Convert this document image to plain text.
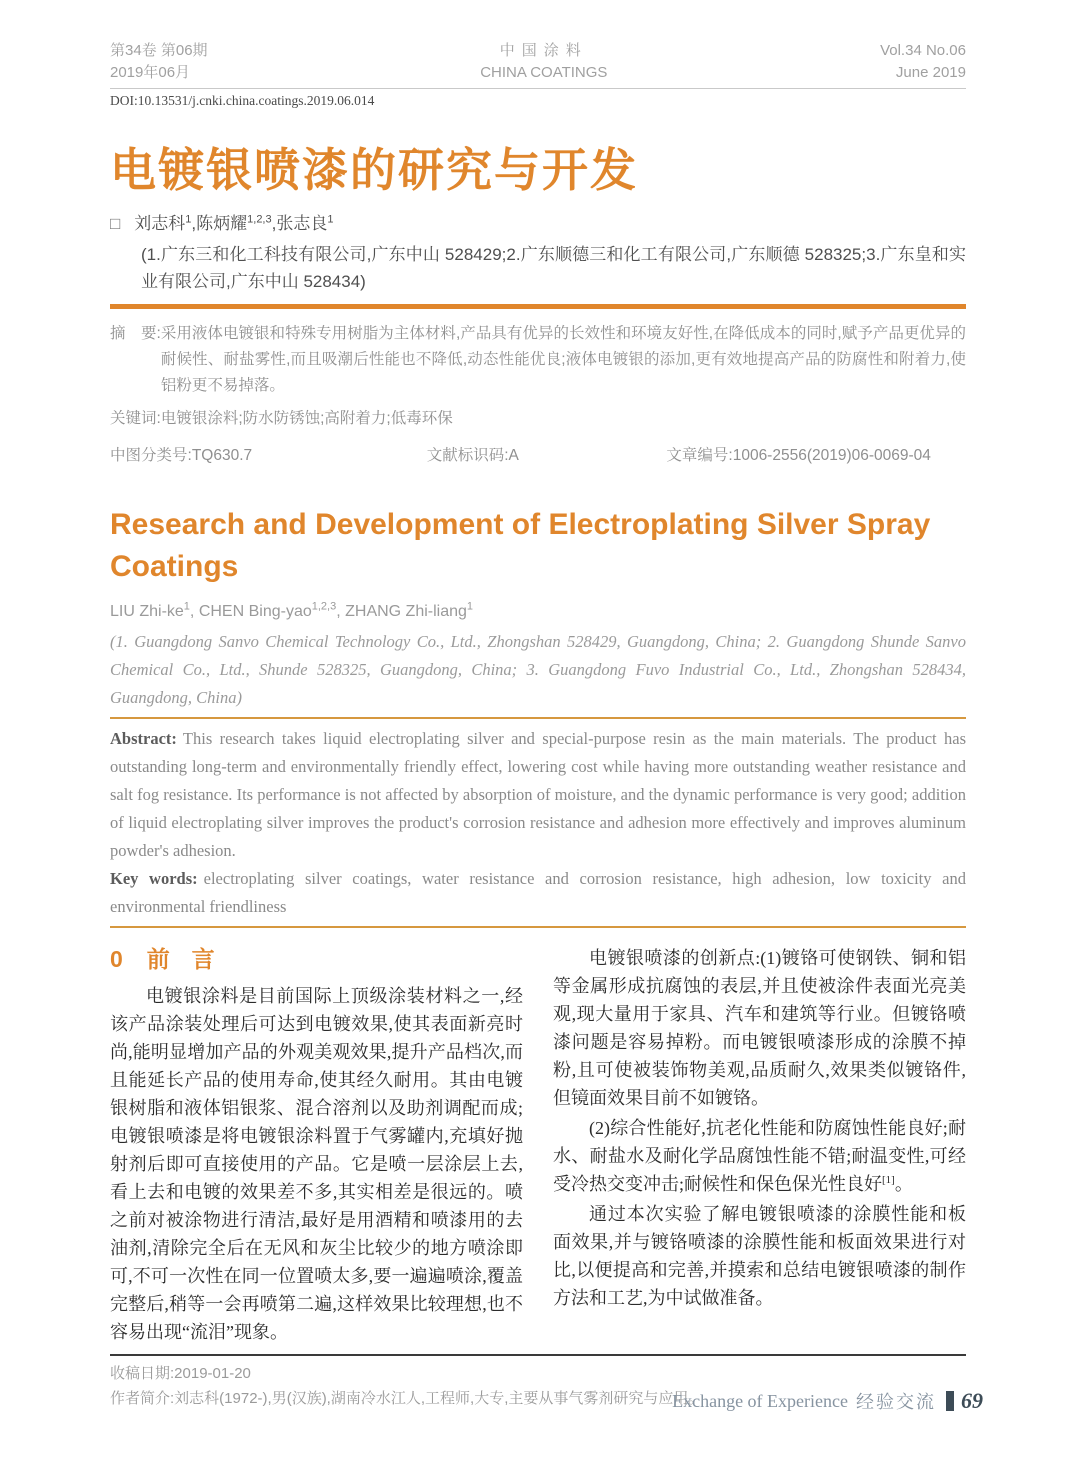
第34卷 第06期
2019年06月
中国涂料
CHINA COATINGS
Vol.34 No.06
June 2019
DOI:10.13531/j.cnki.china.coatings.2019.06.014
电镀银喷漆的研究与开发
□ 刘志科$^1$,陈炳耀$^{1,2,3}$,张志良$^1$
(1.广东三和化工科技有限公司,广东中山 528429;2.广东顺德三和化工有限公司,广东顺德 528325;3.广东皇和实业有限公司,广东中山 528434)
摘　要: 采用液体电镀银和特殊专用树脂为主体材料,产品具有优异的长效性和环境友好性,在降低成本的同时,赋予产品更优异的耐候性、耐盐雾性,而且吸潮后性能也不降低,动态性能优良;液体电镀银的添加,更有效地提高产品的防腐性和附着力,使铝粉更不易掉落。
关键词:电镀银涂料;防水防锈蚀;高附着力;低毒环保
中图分类号:TQ630.7	文献标识码:A	文章编号:1006-2556(2019)06-0069-04
Research and Development of Electroplating Silver Spray Coatings
LIU Zhi-$ke^1$, CHEN Bing-yao$^{1,2,3}$, ZHANG Zhi-liang$^1$
(1. Guangdong Sanvo Chemical Technology Co., Ltd., Zhongshan 528429, Guangdong, China; 2. Guangdong Shunde Sanvo Chemical Co., Ltd., Shunde 528325, Guangdong, China; 3. Guangdong Fuvo Industrial Co., Ltd., Zhongshan 528434, Guangdong, China)

Abstract: This research takes liquid electroplating silver and special-purpose resin as the main materials. The product has outstanding long-term and environmentally friendly effect, lowering cost while having more outstanding weather resistance and salt fog resistance. Its performance is not affected by absorption of moisture, and the dynamic performance is very good; addition of liquid electroplating silver improves the product's corrosion resistance and adhesion more effectively and improves aluminum powder's adhesion.

Key words: electroplating silver coatings, water resistance and corrosion resistance, high adhesion, low toxicity and environmental friendliness

0 前言

电镀银涂料是目前国际上顶级涂装材料之一,经该产品涂装处理后可达到电镀效果,使其表面新亮时尚,能明显增加产品的外观美观效果,提升产品档次,而且能延长产品的使用寿命,使其经久耐用。其由电镀银树脂和液体铝银浆、混合溶剂以及助剂调配而成;电镀银喷漆是将电镀银涂料置于气雾罐内,充填好抛射剂后即可直接使用的产品。它是喷一层涂层上去,看上去和电镀的效果差不多,其实相差是很远的。喷之前对被涂物进行清洁,最好是用酒精和喷漆用的去油剂,清除完全后在无风和灰尘比较少的地方喷涂即可,不可一次性在同一位置喷太多,要一遍遍喷涂,覆盖完整后,稍等一会再喷第二遍,这样效果比较理想,也不容易出现“流泪”现象。

电镀银喷漆的创新点:(1)镀铬可使钢铁、铜和铝等金属形成抗腐蚀的表层,并且使被涂件表面光亮美观,现大量用于家具、汽车和建筑等行业。但镀铬喷漆问题是容易掉粉。而电镀银喷漆形成的涂膜不掉粉,且可使被装饰物美观,品质耐久,效果类似镀铬件,但镜面效果目前不如镀铬。

(2)综合性能好,抗老化性能和防腐蚀性能良好;耐水、耐盐水及耐化学品腐蚀性能不错;耐温变性,可经受冷热交变冲击;耐候性和保色保光性良好[1]。

通过本次实验了解电镀银喷漆的涂膜性能和板面效果,并与镀铬喷漆的涂膜性能和板面效果进行对比,以便提高和完善,并摸索和总结电镀银喷漆的制作方法和工艺,为中试做准备。

收稿日期:2019-01-20
作者简介:刘志科(1972-),男(汉族),湖南冷水江人,工程师,大专,主要从事气雾剂研究与应用。
Exchange of Experience 经验交流 69
